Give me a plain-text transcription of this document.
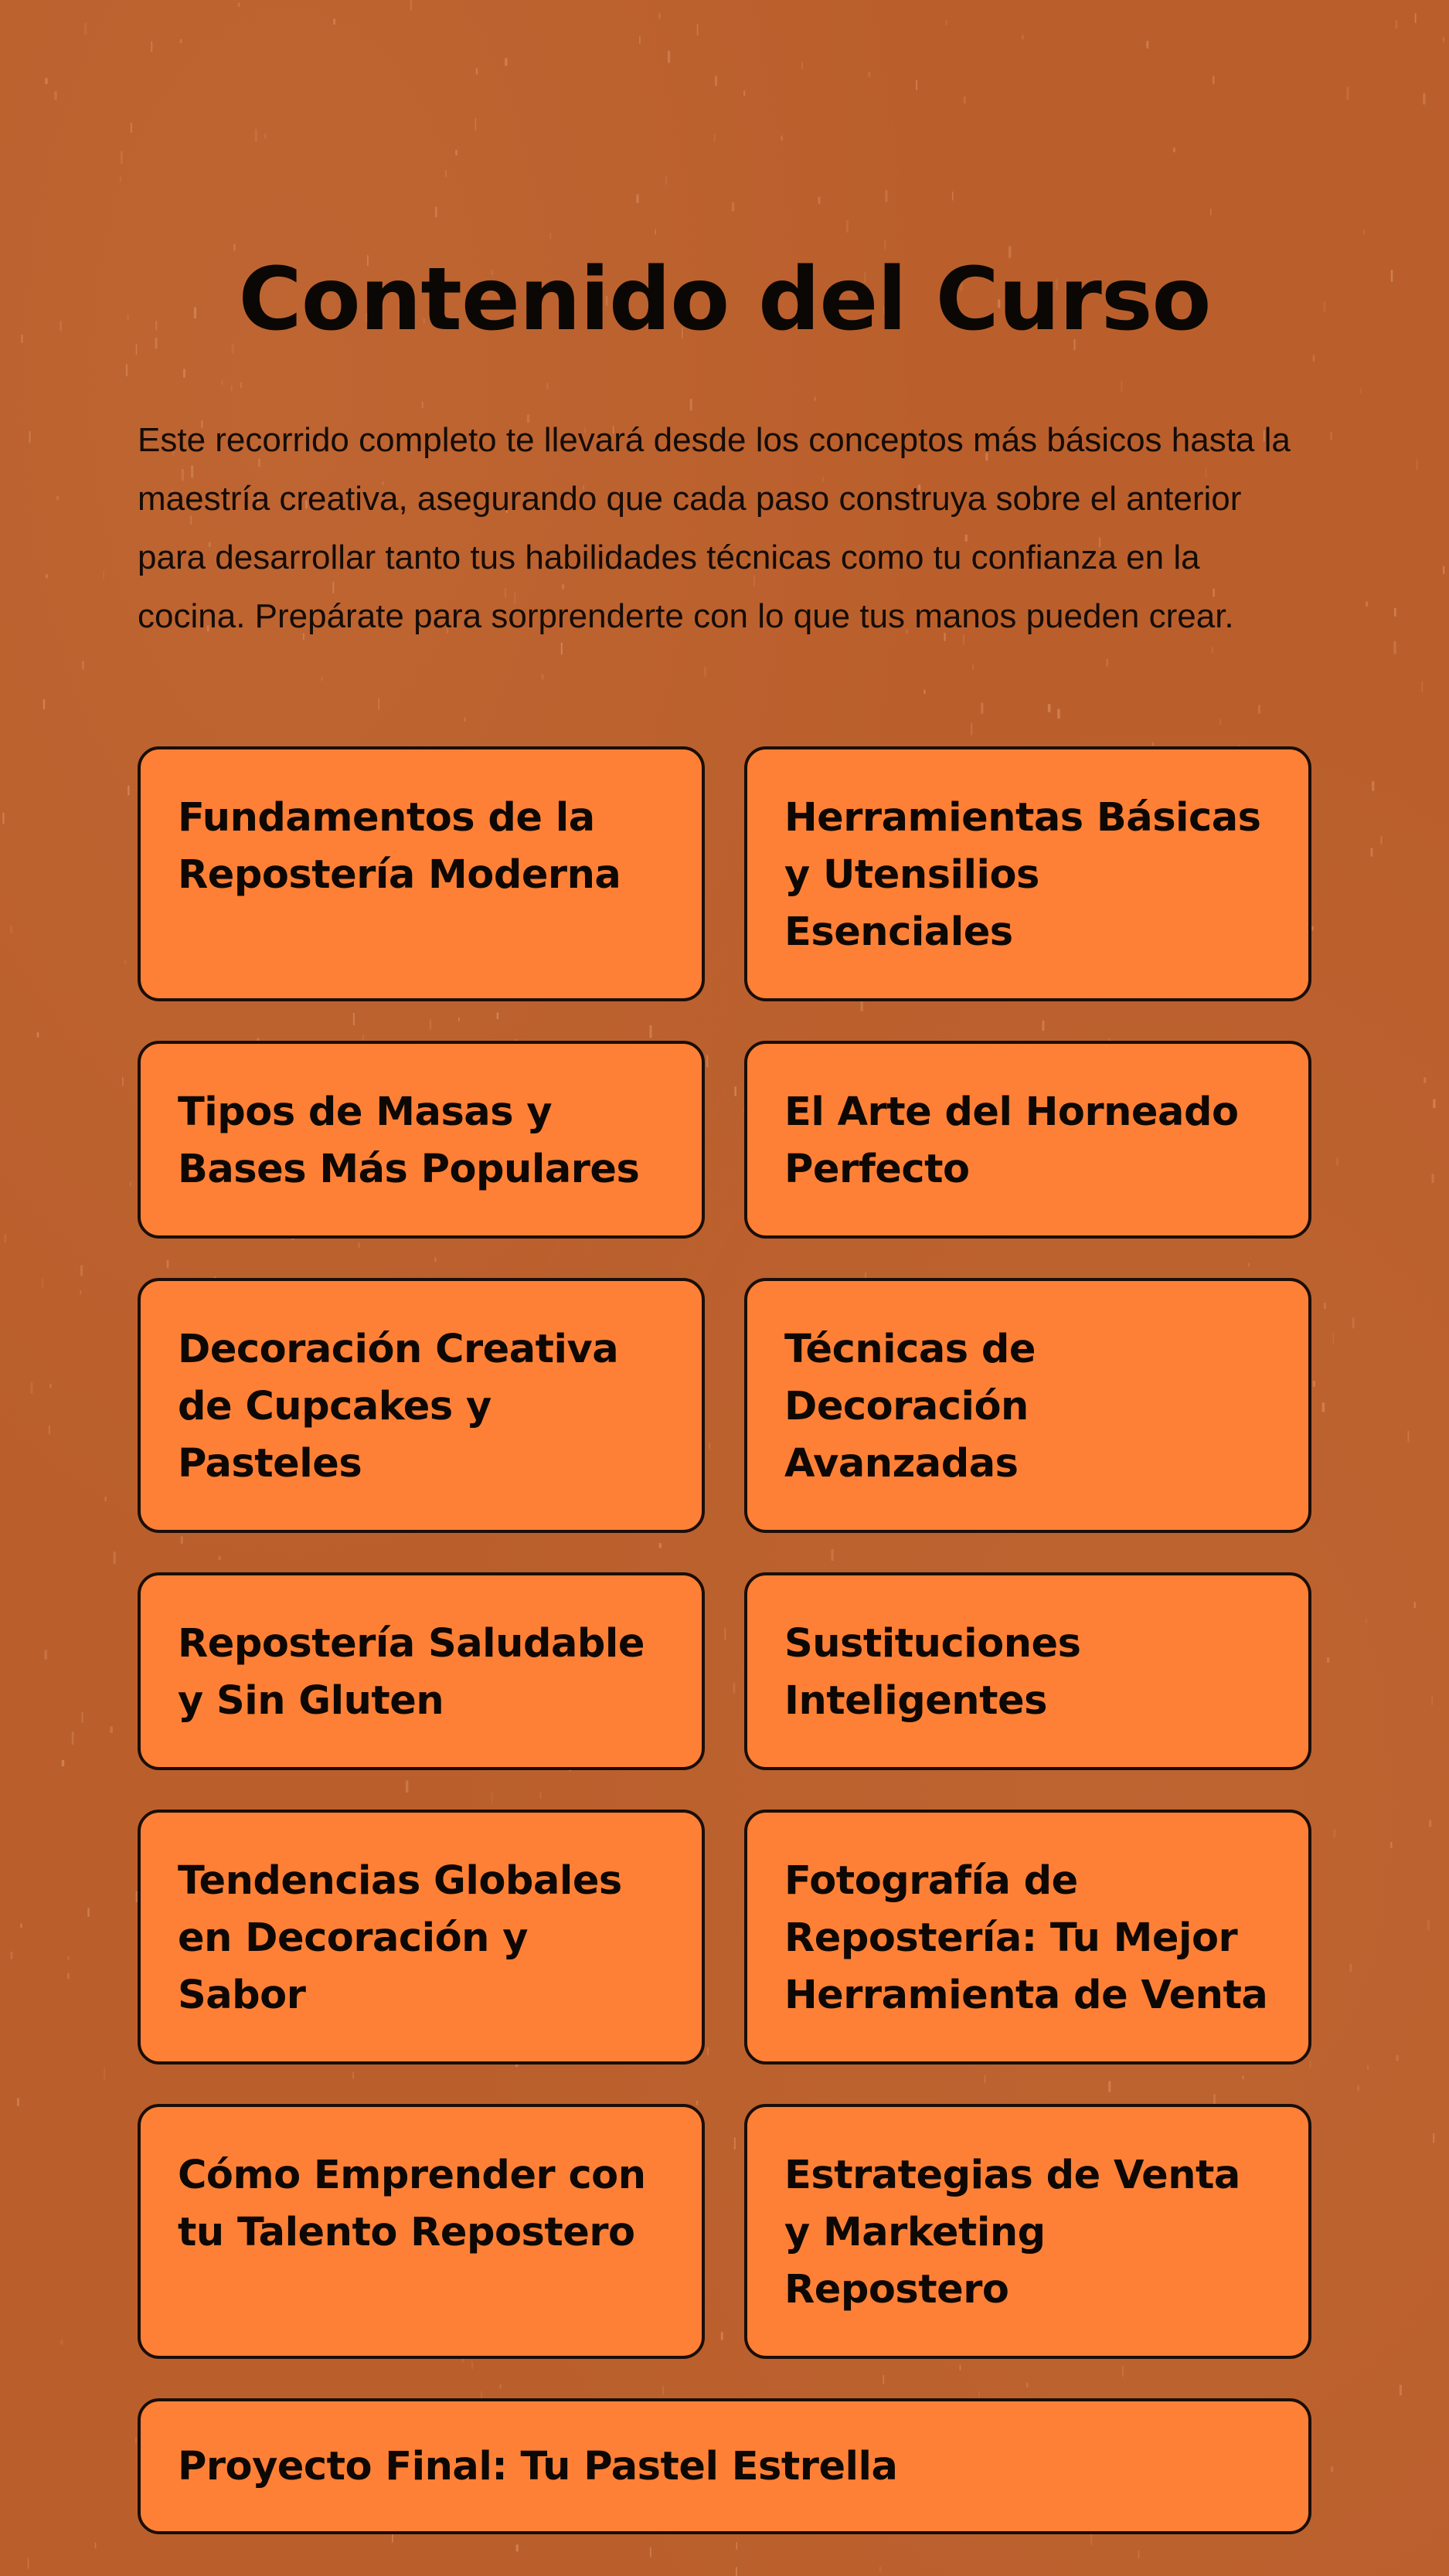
Contenido del Curso

Este recorrido completo te llevará desde los conceptos más básicos hasta la maestría creativa, asegurando que cada paso construya sobre el anterior para desarrollar tanto tus habilidades técnicas como tu confianza en la cocina. Prepárate para sorprenderte con lo que tus manos pueden crear.

Fundamentos de la Repostería Moderna
Herramientas Básicas y Utensilios Esenciales
Tipos de Masas y Bases Más Populares
El Arte del Horneado Perfecto
Decoración Creativa de Cupcakes y Pasteles
Técnicas de Decoración Avanzadas
Repostería Saludable y Sin Gluten
Sustituciones Inteligentes
Tendencias Globales en Decoración y Sabor
Fotografía de Repostería: Tu Mejor Herramienta de Venta
Cómo Emprender con tu Talento Repostero
Estrategias de Venta y Marketing Repostero
Proyecto Final: Tu Pastel Estrella
